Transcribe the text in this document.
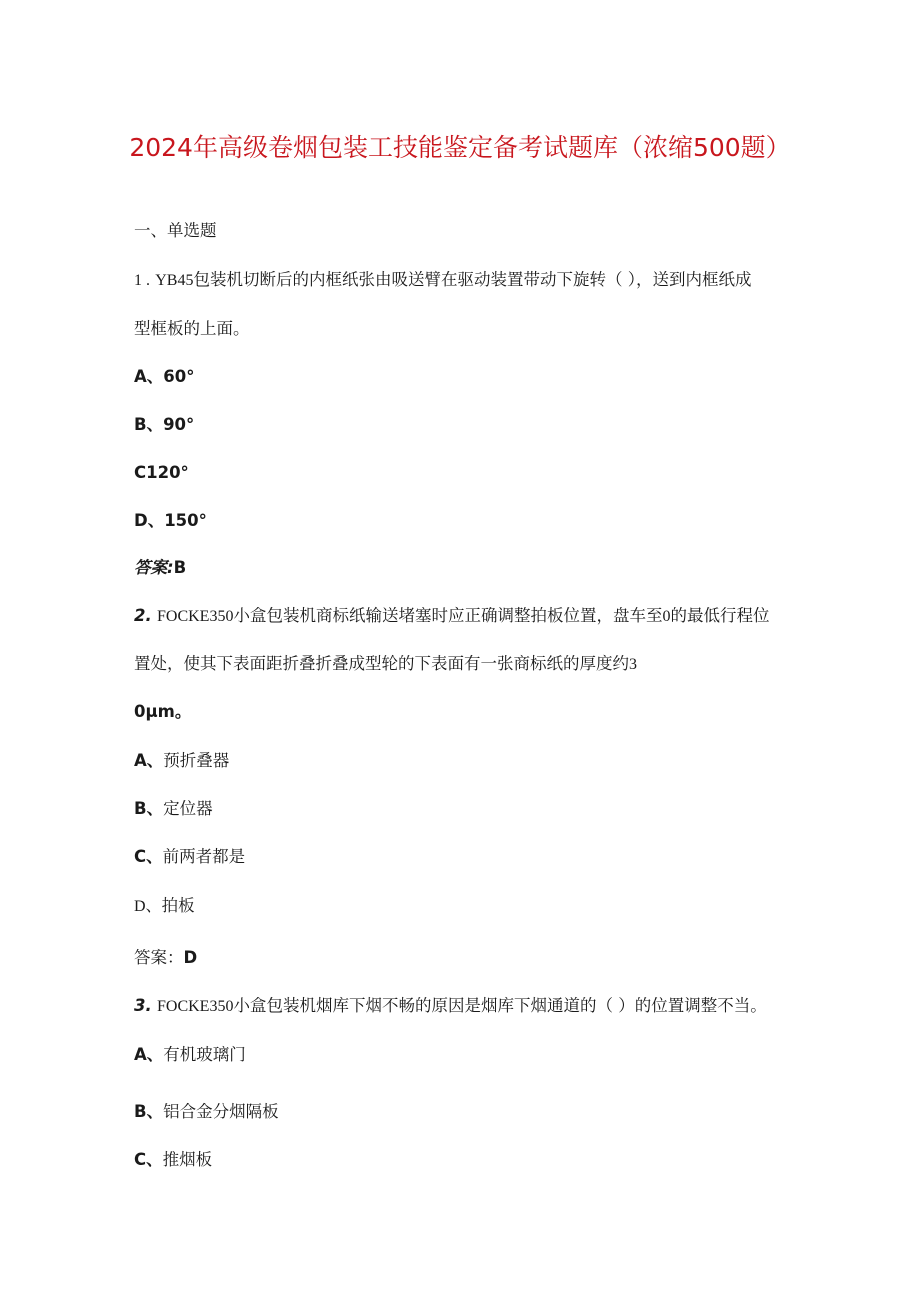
2024年高级卷烟包装工技能鉴定备考试题库（浓缩500题）
一、单选题
1 . YB45包装机切断后的内框纸张由吸送臂在驱动装置带动下旋转（ ），送到内框纸成
型框板的上面。
A、60°
B、90°
C120°
D、150°
答案:B
2. FOCKE350小盒包装机商标纸输送堵塞时应正确调整拍板位置，盘车至0的最低行程位
置处，使其下表面距折叠折叠成型轮的下表面有一张商标纸的厚度约3
0μm。
A、预折叠器
B、定位器
C、前两者都是
D、拍板
答案：D
3. FOCKE350小盒包装机烟库下烟不畅的原因是烟库下烟通道的（ ）的位置调整不当。
A、有机玻璃门
B、铝合金分烟隔板
C、推烟板
